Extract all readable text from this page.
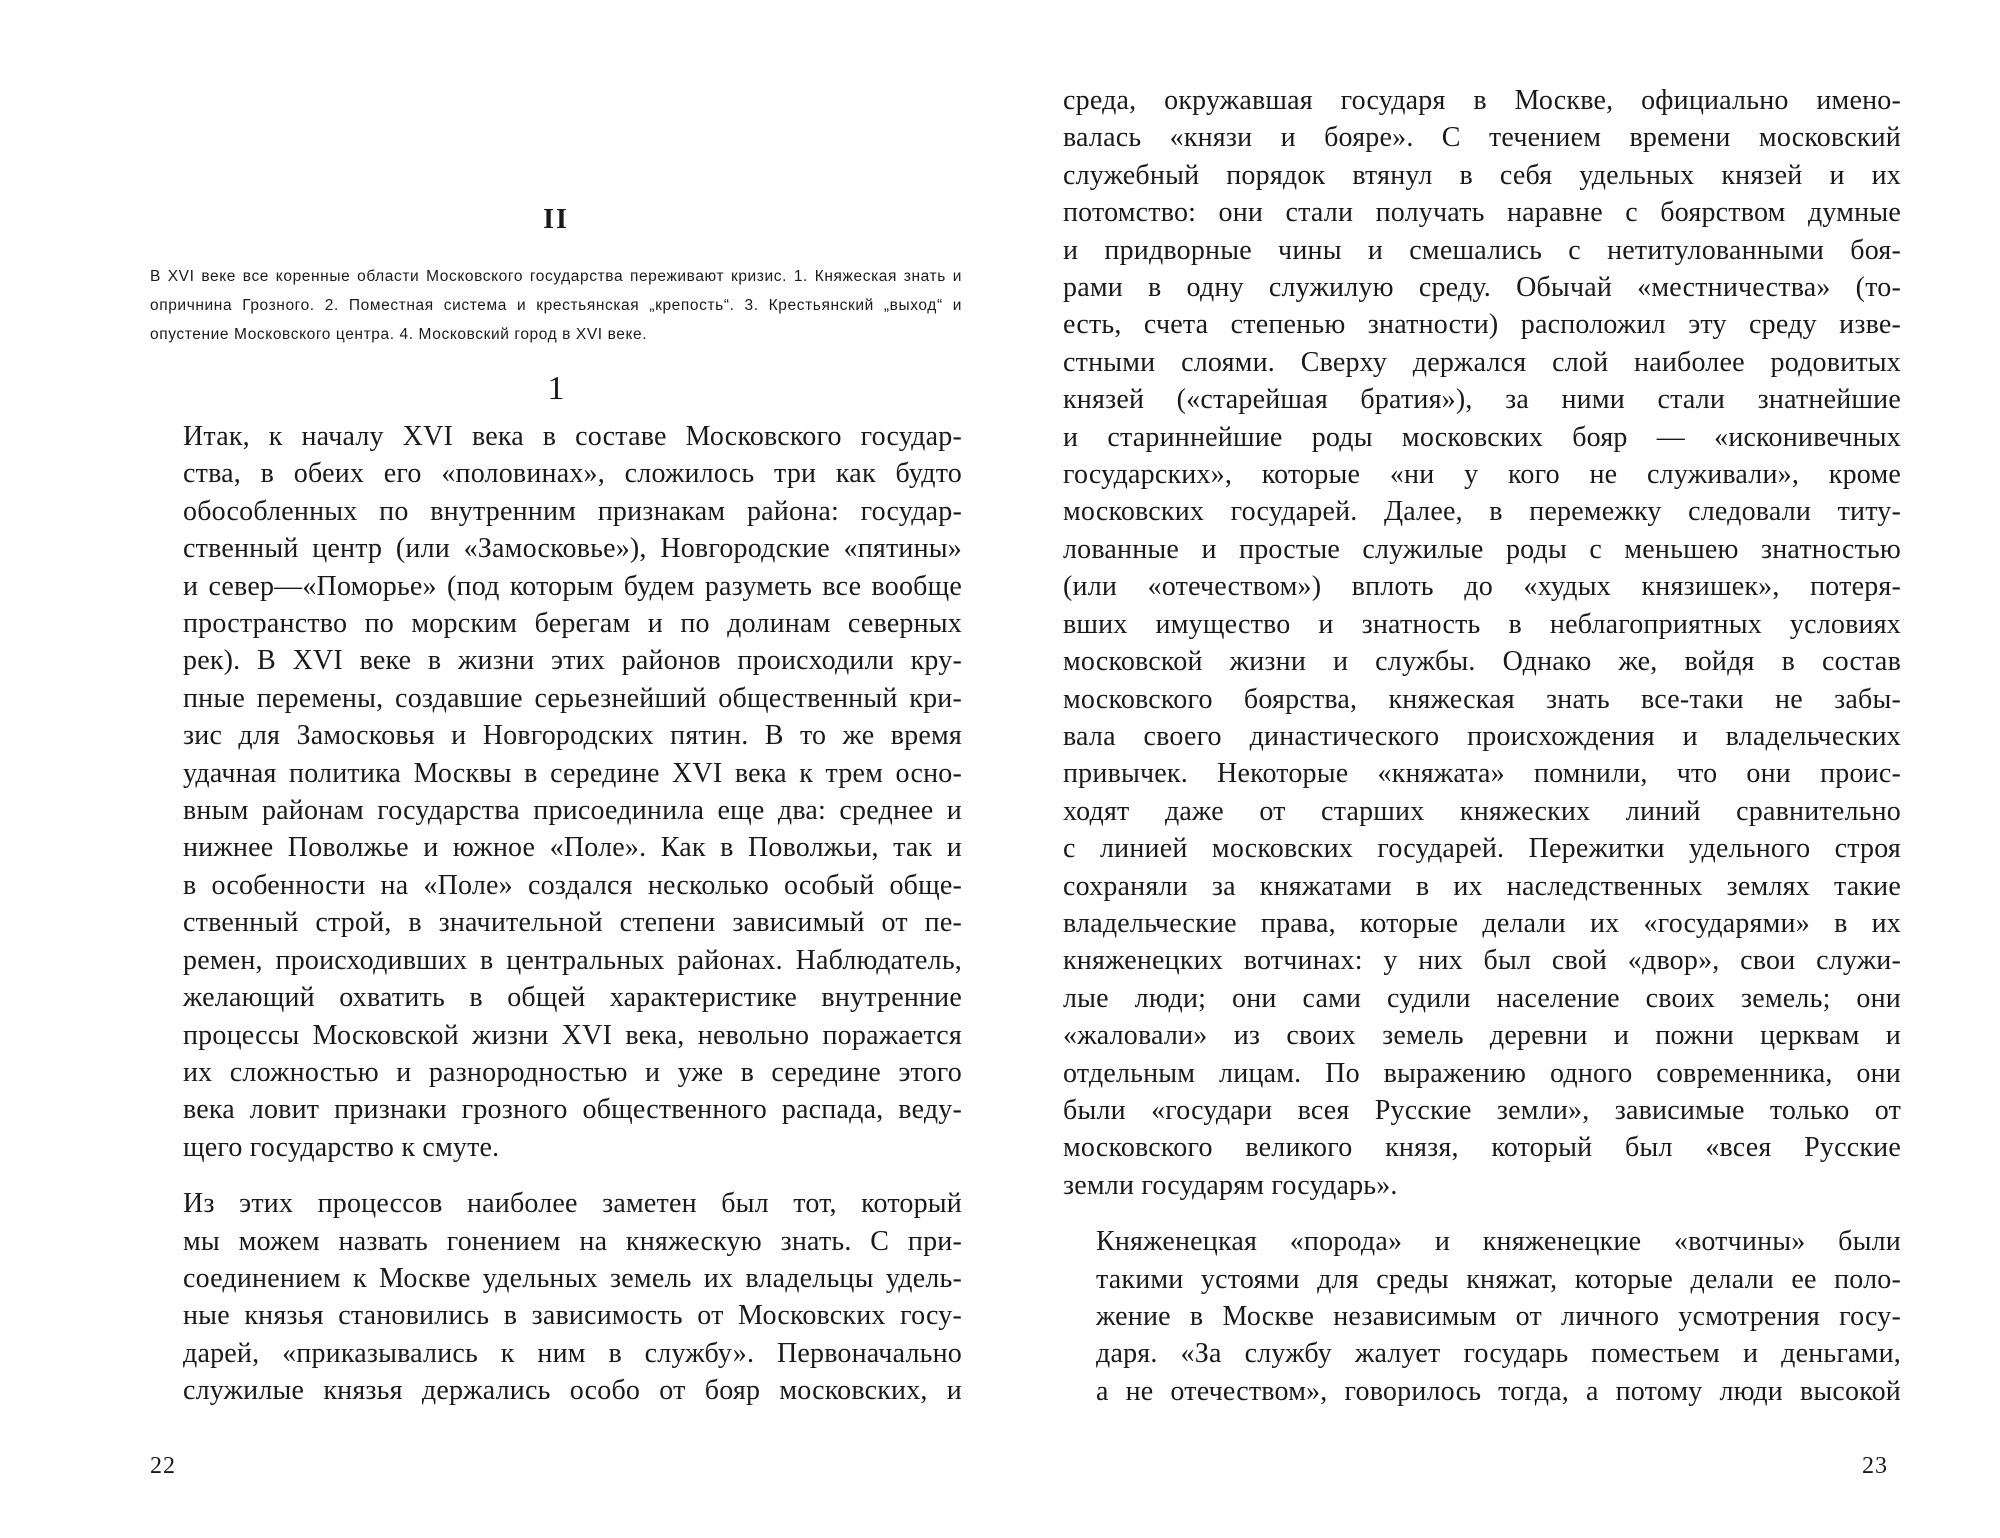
II

В XVI веке все коренные области Московского государства переживают кризис. 1. Княжеская знать и опричнина Грозного. 2. Поместная система и крестьянская „крепость“. 3. Крестьянский „выход“ и опустение Московского центра. 4. Московский город в XVI веке.

1

Итак, к началу XVI века в составе Московского государ-
ства, в обеих его «половинах», сложилось три как будто
обособленных по внутренним признакам района: государ-
ственный центр (или «Замосковье»), Новгородские «пятины»
и север—«Поморье» (под которым будем разуметь все вообще
пространство по морским берегам и по долинам северных
рек). В XVI веке в жизни этих районов происходили кру-
пные перемены, создавшие серьезнейший общественный кри-
зис для Замосковья и Новгородских пятин. В то же время
удачная политика Москвы в середине XVI века к трем осно-
вным районам государства присоединила еще два: среднее и
нижнее Поволжье и южное «Поле». Как в Поволжьи, так и
в особенности на «Поле» создался несколько особый обще-
ственный строй, в значительной степени зависимый от пе-
ремен, происходивших в центральных районах. Наблюдатель,
желающий охватить в общей характеристике внутренние
процессы Московской жизни XVI века, невольно поражается
их сложностью и разнородностью и уже в середине этого
века ловит признаки грозного общественного распада, веду-
щего государство к смуте.

Из этих процессов наиболее заметен был тот, который
мы можем назвать гонением на княжескую знать. С при-
соединением к Москве удельных земель их владельцы удель-
ные князья становились в зависимость от Московских госу-
дарей, «приказывались к ним в службу». Первоначально
служилые князья держались особо от бояр московских, и

22

среда, окружавшая государя в Москве, официально имено-
валась «князи и бояре». С течением времени московский
служебный порядок втянул в себя удельных князей и их
потомство: они стали получать наравне с боярством думные
и придворные чины и смешались с нетитулованными боя-
рами в одну служилую среду. Обычай «местничества» (то-
есть, счета степенью знатности) расположил эту среду изве-
стными слоями. Сверху держался слой наиболее родовитых
князей («старейшая братия»), за ними стали знатнейшие
и стариннейшие роды московских бояр — «исконивечных
государских», которые «ни у кого не служивали», кроме
московских государей. Далее, в перемежку следовали титу-
лованные и простые служилые роды с меньшею знатностью
(или «отечеством») вплоть до «худых князишек», потеря-
вших имущество и знатность в неблагоприятных условиях
московской жизни и службы. Однако же, войдя в состав
московского боярства, княжеская знать все-таки не забы-
вала своего династического происхождения и владельческих
привычек. Некоторые «княжата» помнили, что они проис-
ходят даже от старших княжеских линий сравнительно
с линией московских государей. Пережитки удельного строя
сохраняли за княжатами в их наследственных землях такие
владельческие права, которые делали их «государями» в их
княженецких вотчинах: у них был свой «двор», свои служи-
лые люди; они сами судили население своих земель; они
«жаловали» из своих земель деревни и пожни церквам и
отдельным лицам. По выражению одного современника, они
были «государи всея Русские земли», зависимые только от
московского великого князя, который был «всея Русские
земли государям государь».

Княженецкая «порода» и княженецкие «вотчины» были
такими устоями для среды княжат, которые делали ее поло-
жение в Москве независимым от личного усмотрения госу-
даря. «За службу жалует государь поместьем и деньгами,
а не отечеством», говорилось тогда, а потому люди высокой

23
